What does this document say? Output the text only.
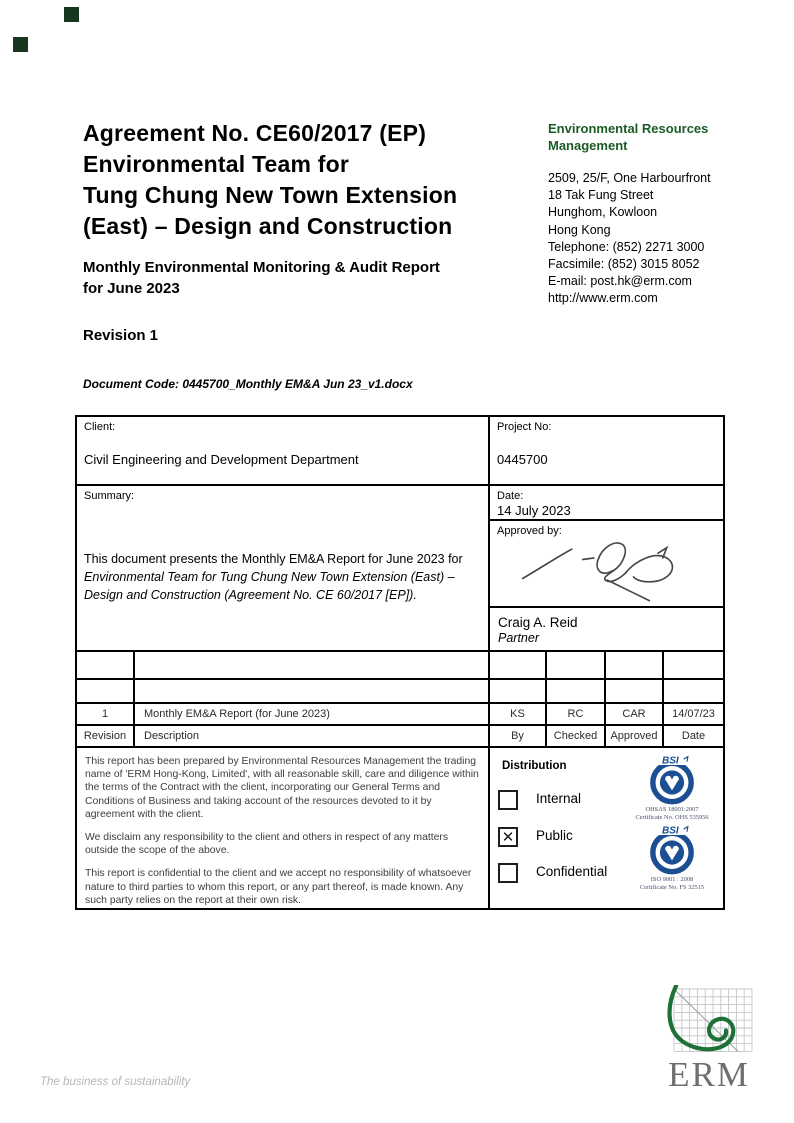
Agreement No. CE60/2017 (EP)
Environmental Team for
Tung Chung New Town Extension
(East) – Design and Construction
Monthly Environmental Monitoring & Audit Report
for June 2023
Revision 1
Document Code: 0445700_Monthly EM&A Jun 23_v1.docx
Environmental Resources
Management
2509, 25/F, One Harbourfront
18 Tak Fung Street
Hunghom, Kowloon
Hong Kong
Telephone: (852) 2271 3000
Facsimile: (852) 3015 8052
E-mail: post.hk@erm.com
http://www.erm.com
Client:
Civil Engineering and Development Department
Project No:
0445700
Summary:

This document presents the Monthly EM&A Report for June 2023 for Environmental Team for Tung Chung New Town Extension (East) – Design and Construction (Agreement No. CE 60/2017 [EP]).

Date:
14 July 2023
Approved by:
Craig A. Reid
Partner
1	Monthly EM&A Report (for June 2023)	KS	RC	CAR	14/07/23
Revision	Description	By	Checked	Approved	Date

This report has been prepared by Environmental Resources Management the trading name of 'ERM Hong-Kong, Limited', with all reasonable skill, care and diligence within the terms of the Contract with the client, incorporating our General Terms and Conditions of Business and taking account of the resources devoted to it by agreement with the client.

We disclaim any responsibility to the client and others in respect of any matters outside the scope of the above.

This report is confidential to the client and we accept no responsibility of whatsoever nature to third parties to whom this report, or any part thereof, is made known. Any such party relies on the report at their own risk.

Distribution
Internal
✕ Public
Confidential
BSI
OHSAS 18001:2007
Certificate No. OHS 535956
BSI
ISO 9001 : 2008
Certificate No. FS 32515
ERM
The business of sustainability
